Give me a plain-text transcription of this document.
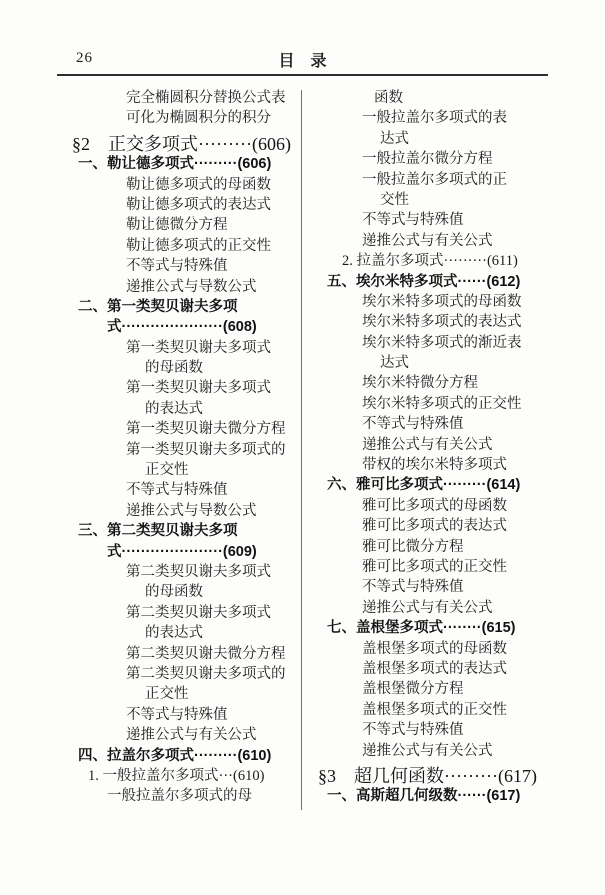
26	目　录
完全椭圆积分替换公式表
可化为椭圆积分的积分
§2　正交多项式·········(606)
一、勒让德多项式·········(606)
勒让德多项式的母函数
勒让德多项式的表达式
勒让德微分方程
勒让德多项式的正交性
不等式与特殊值
递推公式与导数公式
二、第一类契贝谢夫多项
式·····················(608)
第一类契贝谢夫多项式
的母函数
第一类契贝谢夫多项式
的表达式
第一类契贝谢夫微分方程
第一类契贝谢夫多项式的
正交性
不等式与特殊值
递推公式与导数公式
三、第二类契贝谢夫多项
式·····················(609)
第二类契贝谢夫多项式
的母函数
第二类契贝谢夫多项式
的表达式
第二类契贝谢夫微分方程
第二类契贝谢夫多项式的
正交性
不等式与特殊值
递推公式与有关公式
四、拉盖尔多项式·········(610)
1. 一般拉盖尔多项式···(610)
一般拉盖尔多项式的母
函数
一般拉盖尔多项式的表
达式
一般拉盖尔微分方程
一般拉盖尔多项式的正
交性
不等式与特殊值
递推公式与有关公式
2. 拉盖尔多项式·········(611)
五、埃尔米特多项式······(612)
埃尔米特多项式的母函数
埃尔米特多项式的表达式
埃尔米特多项式的渐近表
达式
埃尔米特微分方程
埃尔米特多项式的正交性
不等式与特殊值
递推公式与有关公式
带权的埃尔米特多项式
六、雅可比多项式·········(614)
雅可比多项式的母函数
雅可比多项式的表达式
雅可比微分方程
雅可比多项式的正交性
不等式与特殊值
递推公式与有关公式
七、盖根堡多项式········(615)
盖根堡多项式的母函数
盖根堡多项式的表达式
盖根堡微分方程
盖根堡多项式的正交性
不等式与特殊值
递推公式与有关公式
§3　超几何函数·········(617)
一、高斯超几何级数······(617)
